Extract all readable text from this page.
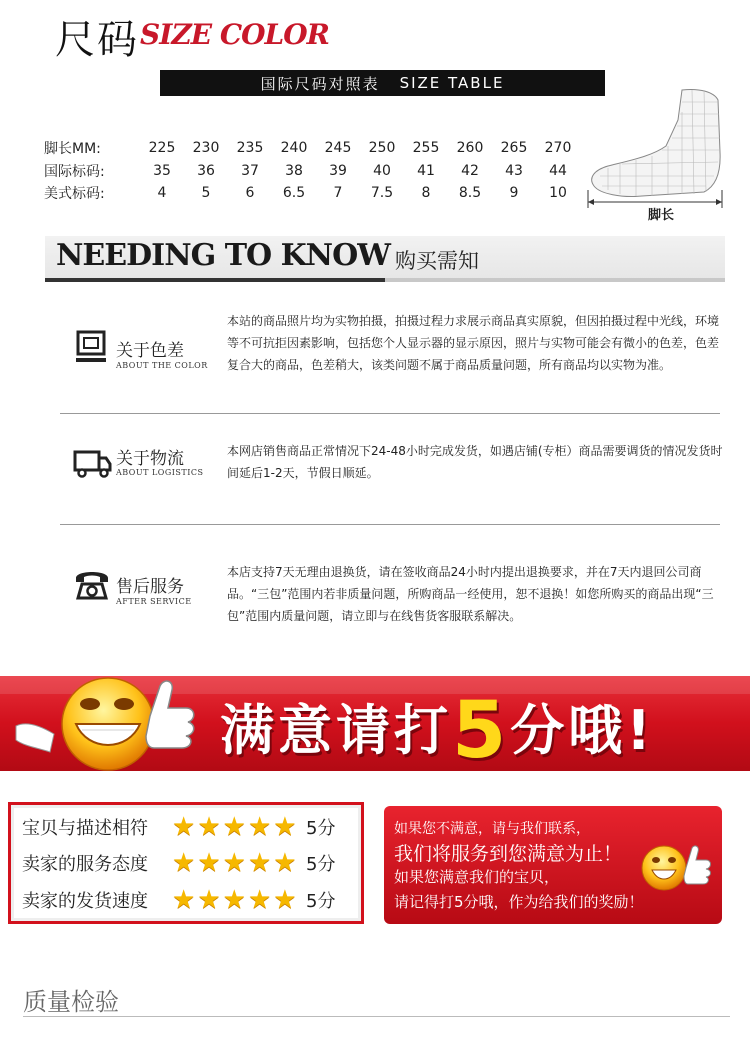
尺码 SIZE COLOR
国际尺码对照表 SIZE TABLE
脚长MM:	225	230	235	240	245	250	255	260	265	270
国际标码:	35	36	37	38	39	40	41	42	43	44
美式标码:	4	5	6	6.5	7	7.5	8	8.5	9	10
脚长
NEEDING TO KNOW 购买需知
关于色差
ABOUT THE COLOR
本站的商品照片均为实物拍摄，拍摄过程力求展示商品真实原貌，但因拍摄过程中光线，环境等不可抗拒因素影响，包括您个人显示器的显示原因，照片与实物可能会有微小的色差，色差复合大的商品，色差稍大，该类问题不属于商品质量问题，所有商品均以实物为准。
关于物流
ABOUT LOGISTICS
本网店销售商品正常情况下24-48小时完成发货，如遇店铺(专柜）商品需要调货的情况发货时间延后1-2天，节假日顺延。
售后服务
AFTER SERVICE
本店支持7天无理由退换货，请在签收商品24小时内提出退换要求，并在7天内退回公司商品。“三包”范围内若非质量问题，所购商品一经使用，恕不退换！如您所购买的商品出现“三包”范围内质量问题，请立即与在线售货客服联系解决。
满意请打5分哦!
宝贝与描述相符 ★ ★ ★ ★ ★ 5分
卖家的服务态度 ★ ★ ★ ★ ★ 5分
卖家的发货速度 ★ ★ ★ ★ ★ 5分
如果您不满意，请与我们联系，
我们将服务到您满意为止！
如果您满意我们的宝贝，
请记得打5分哦，作为给我们的奖励！
质量检验
